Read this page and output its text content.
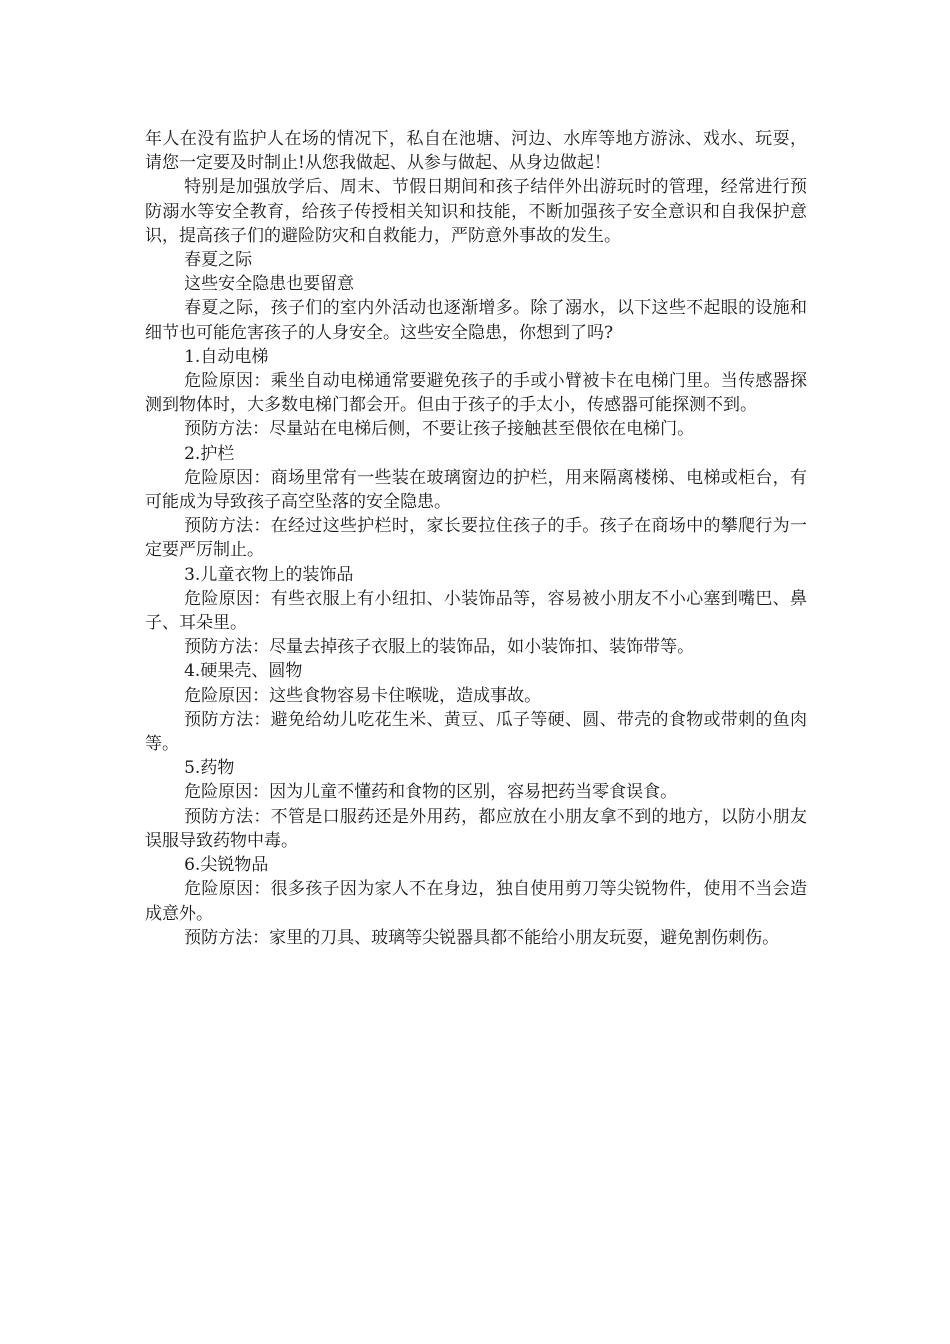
年人在没有监护人在场的情况下，私自在池塘、河边、水库等地方游泳、戏水、玩耍，请您一定要及时制止!从您我做起、从参与做起、从身边做起！

特别是加强放学后、周末、节假日期间和孩子结伴外出游玩时的管理，经常进行预防溺水等安全教育，给孩子传授相关知识和技能，不断加强孩子安全意识和自我保护意识，提高孩子们的避险防灾和自救能力，严防意外事故的发生。

春夏之际

这些安全隐患也要留意

春夏之际，孩子们的室内外活动也逐渐增多。除了溺水，以下这些不起眼的设施和细节也可能危害孩子的人身安全。这些安全隐患，你想到了吗?

1.自动电梯

危险原因：乘坐自动电梯通常要避免孩子的手或小臂被卡在电梯门里。当传感器探测到物体时，大多数电梯门都会开。但由于孩子的手太小，传感器可能探测不到。

预防方法：尽量站在电梯后侧，不要让孩子接触甚至偎依在电梯门。

2.护栏

危险原因：商场里常有一些装在玻璃窗边的护栏，用来隔离楼梯、电梯或柜台，有可能成为导致孩子高空坠落的安全隐患。

预防方法：在经过这些护栏时，家长要拉住孩子的手。孩子在商场中的攀爬行为一定要严厉制止。

3.儿童衣物上的装饰品

危险原因：有些衣服上有小纽扣、小装饰品等，容易被小朋友不小心塞到嘴巴、鼻子、耳朵里。

预防方法：尽量去掉孩子衣服上的装饰品，如小装饰扣、装饰带等。

4.硬果壳、圆物

危险原因：这些食物容易卡住喉咙，造成事故。

预防方法：避免给幼儿吃花生米、黄豆、瓜子等硬、圆、带壳的食物或带刺的鱼肉等。

5.药物

危险原因：因为儿童不懂药和食物的区别，容易把药当零食误食。

预防方法：不管是口服药还是外用药，都应放在小朋友拿不到的地方，以防小朋友误服导致药物中毒。

6.尖锐物品

危险原因：很多孩子因为家人不在身边，独自使用剪刀等尖锐物件，使用不当会造成意外。

预防方法：家里的刀具、玻璃等尖锐器具都不能给小朋友玩耍，避免割伤刺伤。
